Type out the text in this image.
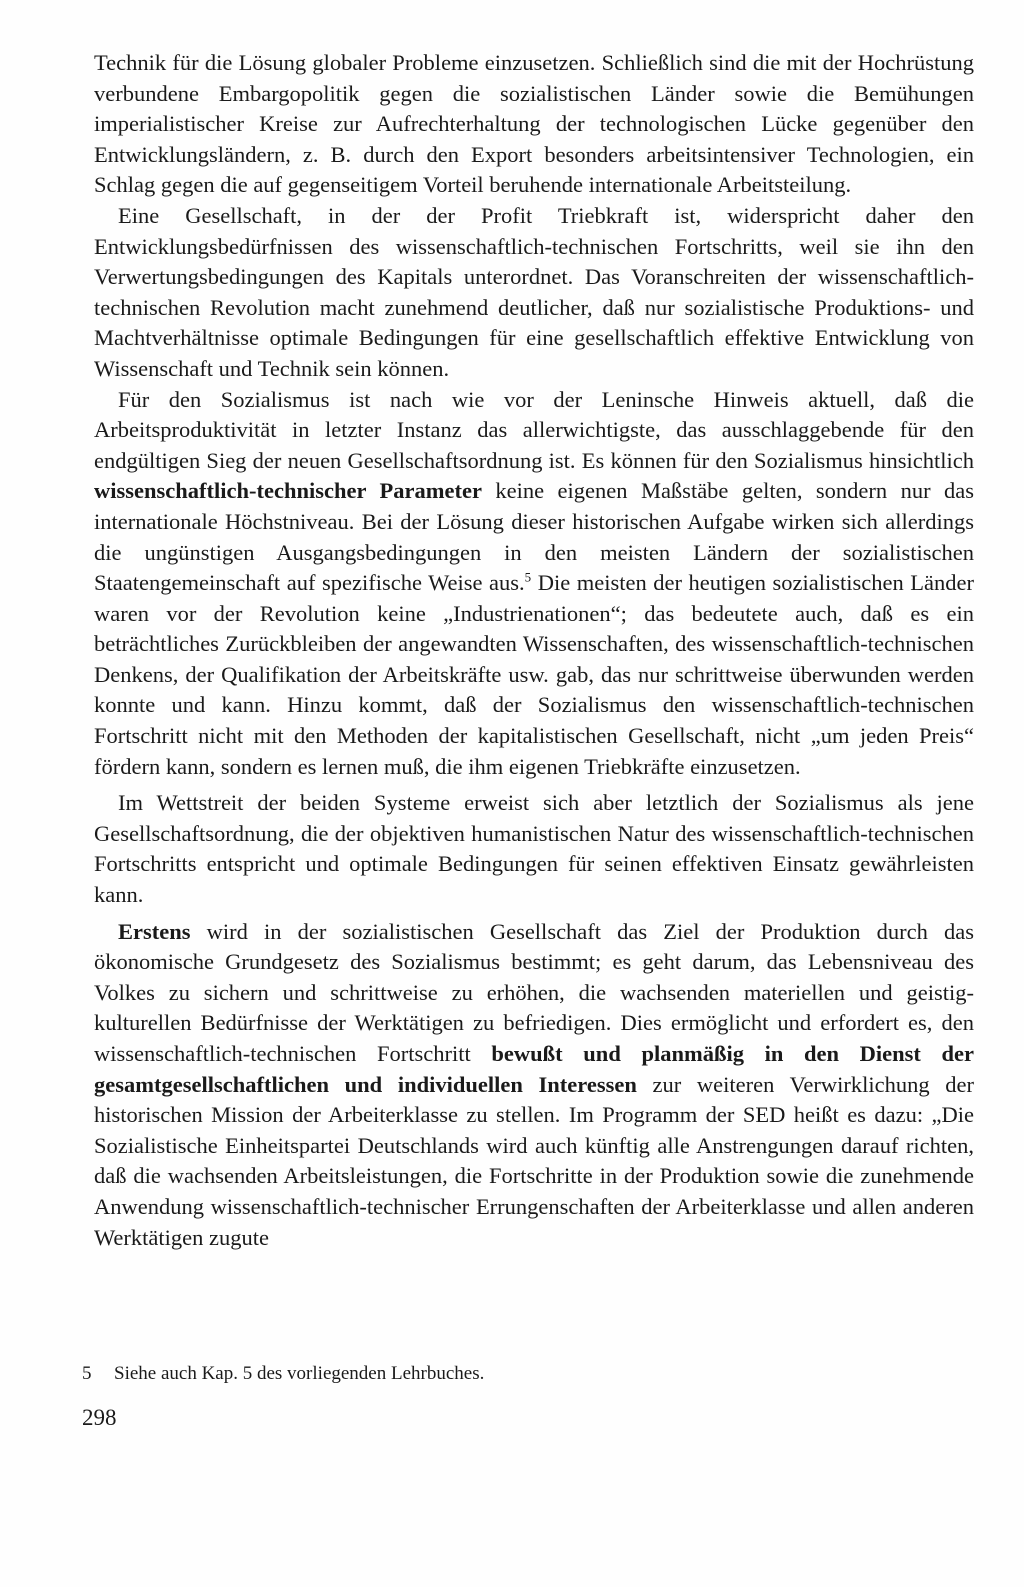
Technik für die Lösung globaler Probleme einzusetzen. Schließlich sind die mit der Hochrüstung verbundene Embargopolitik gegen die sozialistischen Länder sowie die Bemühungen imperialistischer Kreise zur Aufrechterhaltung der technologischen Lücke gegenüber den Entwicklungsländern, z. B. durch den Export besonders arbeitsintensiver Technologien, ein Schlag gegen die auf gegenseitigem Vorteil beruhende internationale Arbeitsteilung.

Eine Gesellschaft, in der der Profit Triebkraft ist, widerspricht daher den Entwicklungsbedürfnissen des wissenschaftlich-technischen Fortschritts, weil sie ihn den Verwertungsbedingungen des Kapitals unterordnet. Das Voranschreiten der wissenschaftlich-technischen Revolution macht zunehmend deutlicher, daß nur sozialistische Produktions- und Machtverhältnisse optimale Bedingungen für eine gesellschaftlich effektive Entwicklung von Wissenschaft und Technik sein können.

Für den Sozialismus ist nach wie vor der Leninsche Hinweis aktuell, daß die Arbeitsproduktivität in letzter Instanz das allerwichtigste, das ausschlaggebende für den endgültigen Sieg der neuen Gesellschaftsordnung ist. Es können für den Sozialismus hinsichtlich wissenschaftlich-technischer Parameter keine eigenen Maßstäbe gelten, sondern nur das internationale Höchstniveau. Bei der Lösung dieser historischen Aufgabe wirken sich allerdings die ungünstigen Ausgangsbedingungen in den meisten Ländern der sozialistischen Staatengemeinschaft auf spezifische Weise aus.$^5$ Die meisten der heutigen sozialistischen Länder waren vor der Revolution keine „Industrienationen“; das bedeutete auch, daß es ein beträchtliches Zurückbleiben der angewandten Wissenschaften, des wissenschaftlich-technischen Denkens, der Qualifikation der Arbeitskräfte usw. gab, das nur schrittweise überwunden werden konnte und kann. Hinzu kommt, daß der Sozialismus den wissenschaftlich-technischen Fortschritt nicht mit den Methoden der kapitalistischen Gesellschaft, nicht „um jeden Preis“ fördern kann, sondern es lernen muß, die ihm eigenen Triebkräfte einzusetzen.

Im Wettstreit der beiden Systeme erweist sich aber letztlich der Sozialismus als jene Gesellschaftsordnung, die der objektiven humanistischen Natur des wissenschaftlich-technischen Fortschritts entspricht und optimale Bedingungen für seinen effektiven Einsatz gewährleisten kann.

Erstens wird in der sozialistischen Gesellschaft das Ziel der Produktion durch das ökonomische Grundgesetz des Sozialismus bestimmt; es geht darum, das Lebensniveau des Volkes zu sichern und schrittweise zu erhöhen, die wachsenden materiellen und geistig-kulturellen Bedürfnisse der Werktätigen zu befriedigen. Dies ermöglicht und erfordert es, den wissenschaftlich-technischen Fortschritt bewußt und planmäßig in den Dienst der gesamtgesellschaftlichen und individuellen Interessen zur weiteren Verwirklichung der historischen Mission der Arbeiterklasse zu stellen. Im Programm der SED heißt es dazu: „Die Sozialistische Einheitspartei Deutschlands wird auch künftig alle Anstrengungen darauf richten, daß die wachsenden Arbeitsleistungen, die Fortschritte in der Produktion sowie die zunehmende Anwendung wissenschaftlich-technischer Errungenschaften der Arbeiterklasse und allen anderen Werktätigen zugute

5 Siehe auch Kap. 5 des vorliegenden Lehrbuches.
298
